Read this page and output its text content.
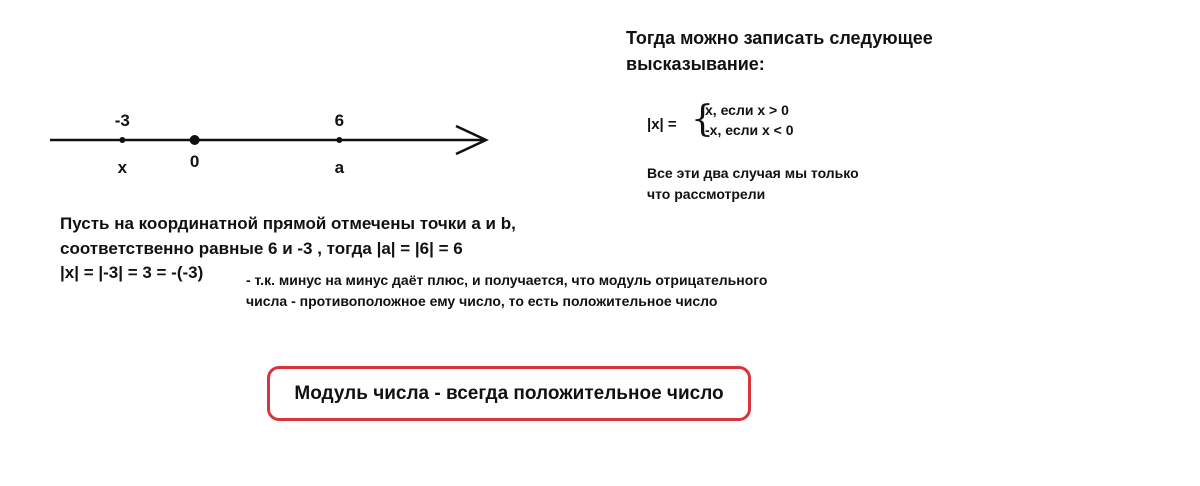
-3
x	0
6
a
Тогда можно записать следующее
высказывание:
|x| = {
x, если x > 0
-x, если x < 0
Все эти два случая мы только
что рассмотрели
Пусть на координатной прямой отмечены точки a и b,
соответственно равные 6 и -3 , тогда |a| = |6| = 6
|x| = |-3| = 3 = -(-3)	- т.к. минус на минус даёт плюс, и получается, что модуль отрицательного
числа - противоположное ему число, то есть положительное число
Модуль числа - всегда положительное число
